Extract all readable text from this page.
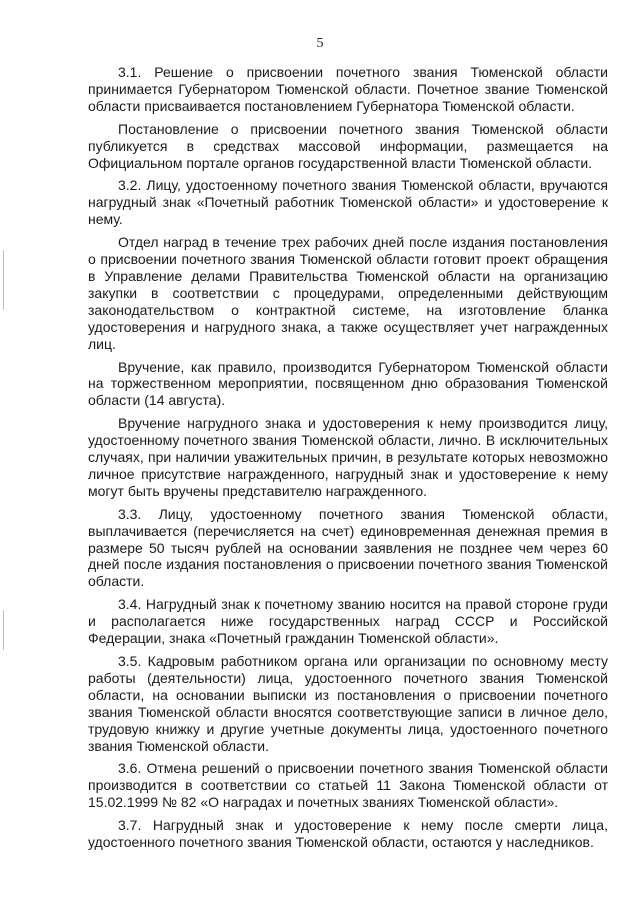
5

3.1. Решение о присвоении почетного звания Тюменской области принимается Губернатором Тюменской области. Почетное звание Тюменской области присваивается постановлением Губернатора Тюменской области.

Постановление о присвоении почетного звания Тюменской области публикуется в средствах массовой информации, размещается на Официальном портале органов государственной власти Тюменской области.

3.2. Лицу, удостоенному почетного звания Тюменской области, вручаются нагрудный знак «Почетный работник Тюменской области» и удостоверение к нему.

Отдел наград в течение трех рабочих дней после издания постановления о присвоении почетного звания Тюменской области готовит проект обращения в Управление делами Правительства Тюменской области на организацию закупки в соответствии с процедурами, определенными действующим законодательством о контрактной системе, на изготовление бланка удостоверения и нагрудного знака, а также осуществляет учет награжденных лиц.

Вручение, как правило, производится Губернатором Тюменской области на торжественном мероприятии, посвященном дню образования Тюменской области (14 августа).

Вручение нагрудного знака и удостоверения к нему производится лицу, удостоенному почетного звания Тюменской области, лично. В исключительных случаях, при наличии уважительных причин, в результате которых невозможно личное присутствие награжденного, нагрудный знак и удостоверение к нему могут быть вручены представителю награжденного.

3.3. Лицу, удостоенному почетного звания Тюменской области, выплачивается (перечисляется на счет) единовременная денежная премия в размере 50 тысяч рублей на основании заявления не позднее чем через 60 дней после издания постановления о присвоении почетного звания Тюменской области.

3.4. Нагрудный знак к почетному званию носится на правой стороне груди и располагается ниже государственных наград СССР и Российской Федерации, знака «Почетный гражданин Тюменской области».

3.5. Кадровым работником органа или организации по основному месту работы (деятельности) лица, удостоенного почетного звания Тюменской области, на основании выписки из постановления о присвоении почетного звания Тюменской области вносятся соответствующие записи в личное дело, трудовую книжку и другие учетные документы лица, удостоенного почетного звания Тюменской области.

3.6. Отмена решений о присвоении почетного звания Тюменской области производится в соответствии со статьей 11 Закона Тюменской области от 15.02.1999 № 82 «О наградах и почетных званиях Тюменской области».

3.7. Нагрудный знак и удостоверение к нему после смерти лица, удостоенного почетного звания Тюменской области, остаются у наследников.
